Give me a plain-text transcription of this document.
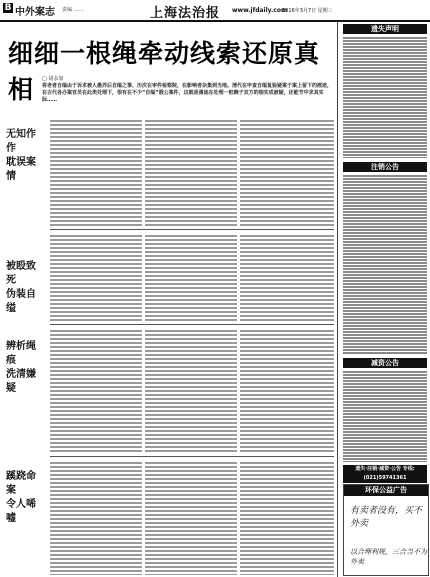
B 中外案志 责编 ……	上海法治报 www.jfdaily.com
2016年3月7日 星期三
细细一根绳牵动线索还原真相	□ 胡永加
将老者自缢由于诉求被人愚弄后自缢之事，历次在审件检察院，在影响者杂集到当地。清代在申查自缢复验疑案于案上留下的痕迹，在古代各办案官员在此类处理下，很有在不少“自缢”假公案件，这就是谢迪在处理一桩赖于双方的细实成被疑，还能节中求其实际……
无知作作
耽误案情
被殴致死
伪装自缢
辨析绳痕
洗清嫌疑
蹊跷命案
令人唏嘘
遗失声明
注销公告
减资公告
遗失·注销·减资·公告 专线:(021)59741361
环保公益广告
有卖者没有，买不外卖
以合理利规，三合当不为外卖
